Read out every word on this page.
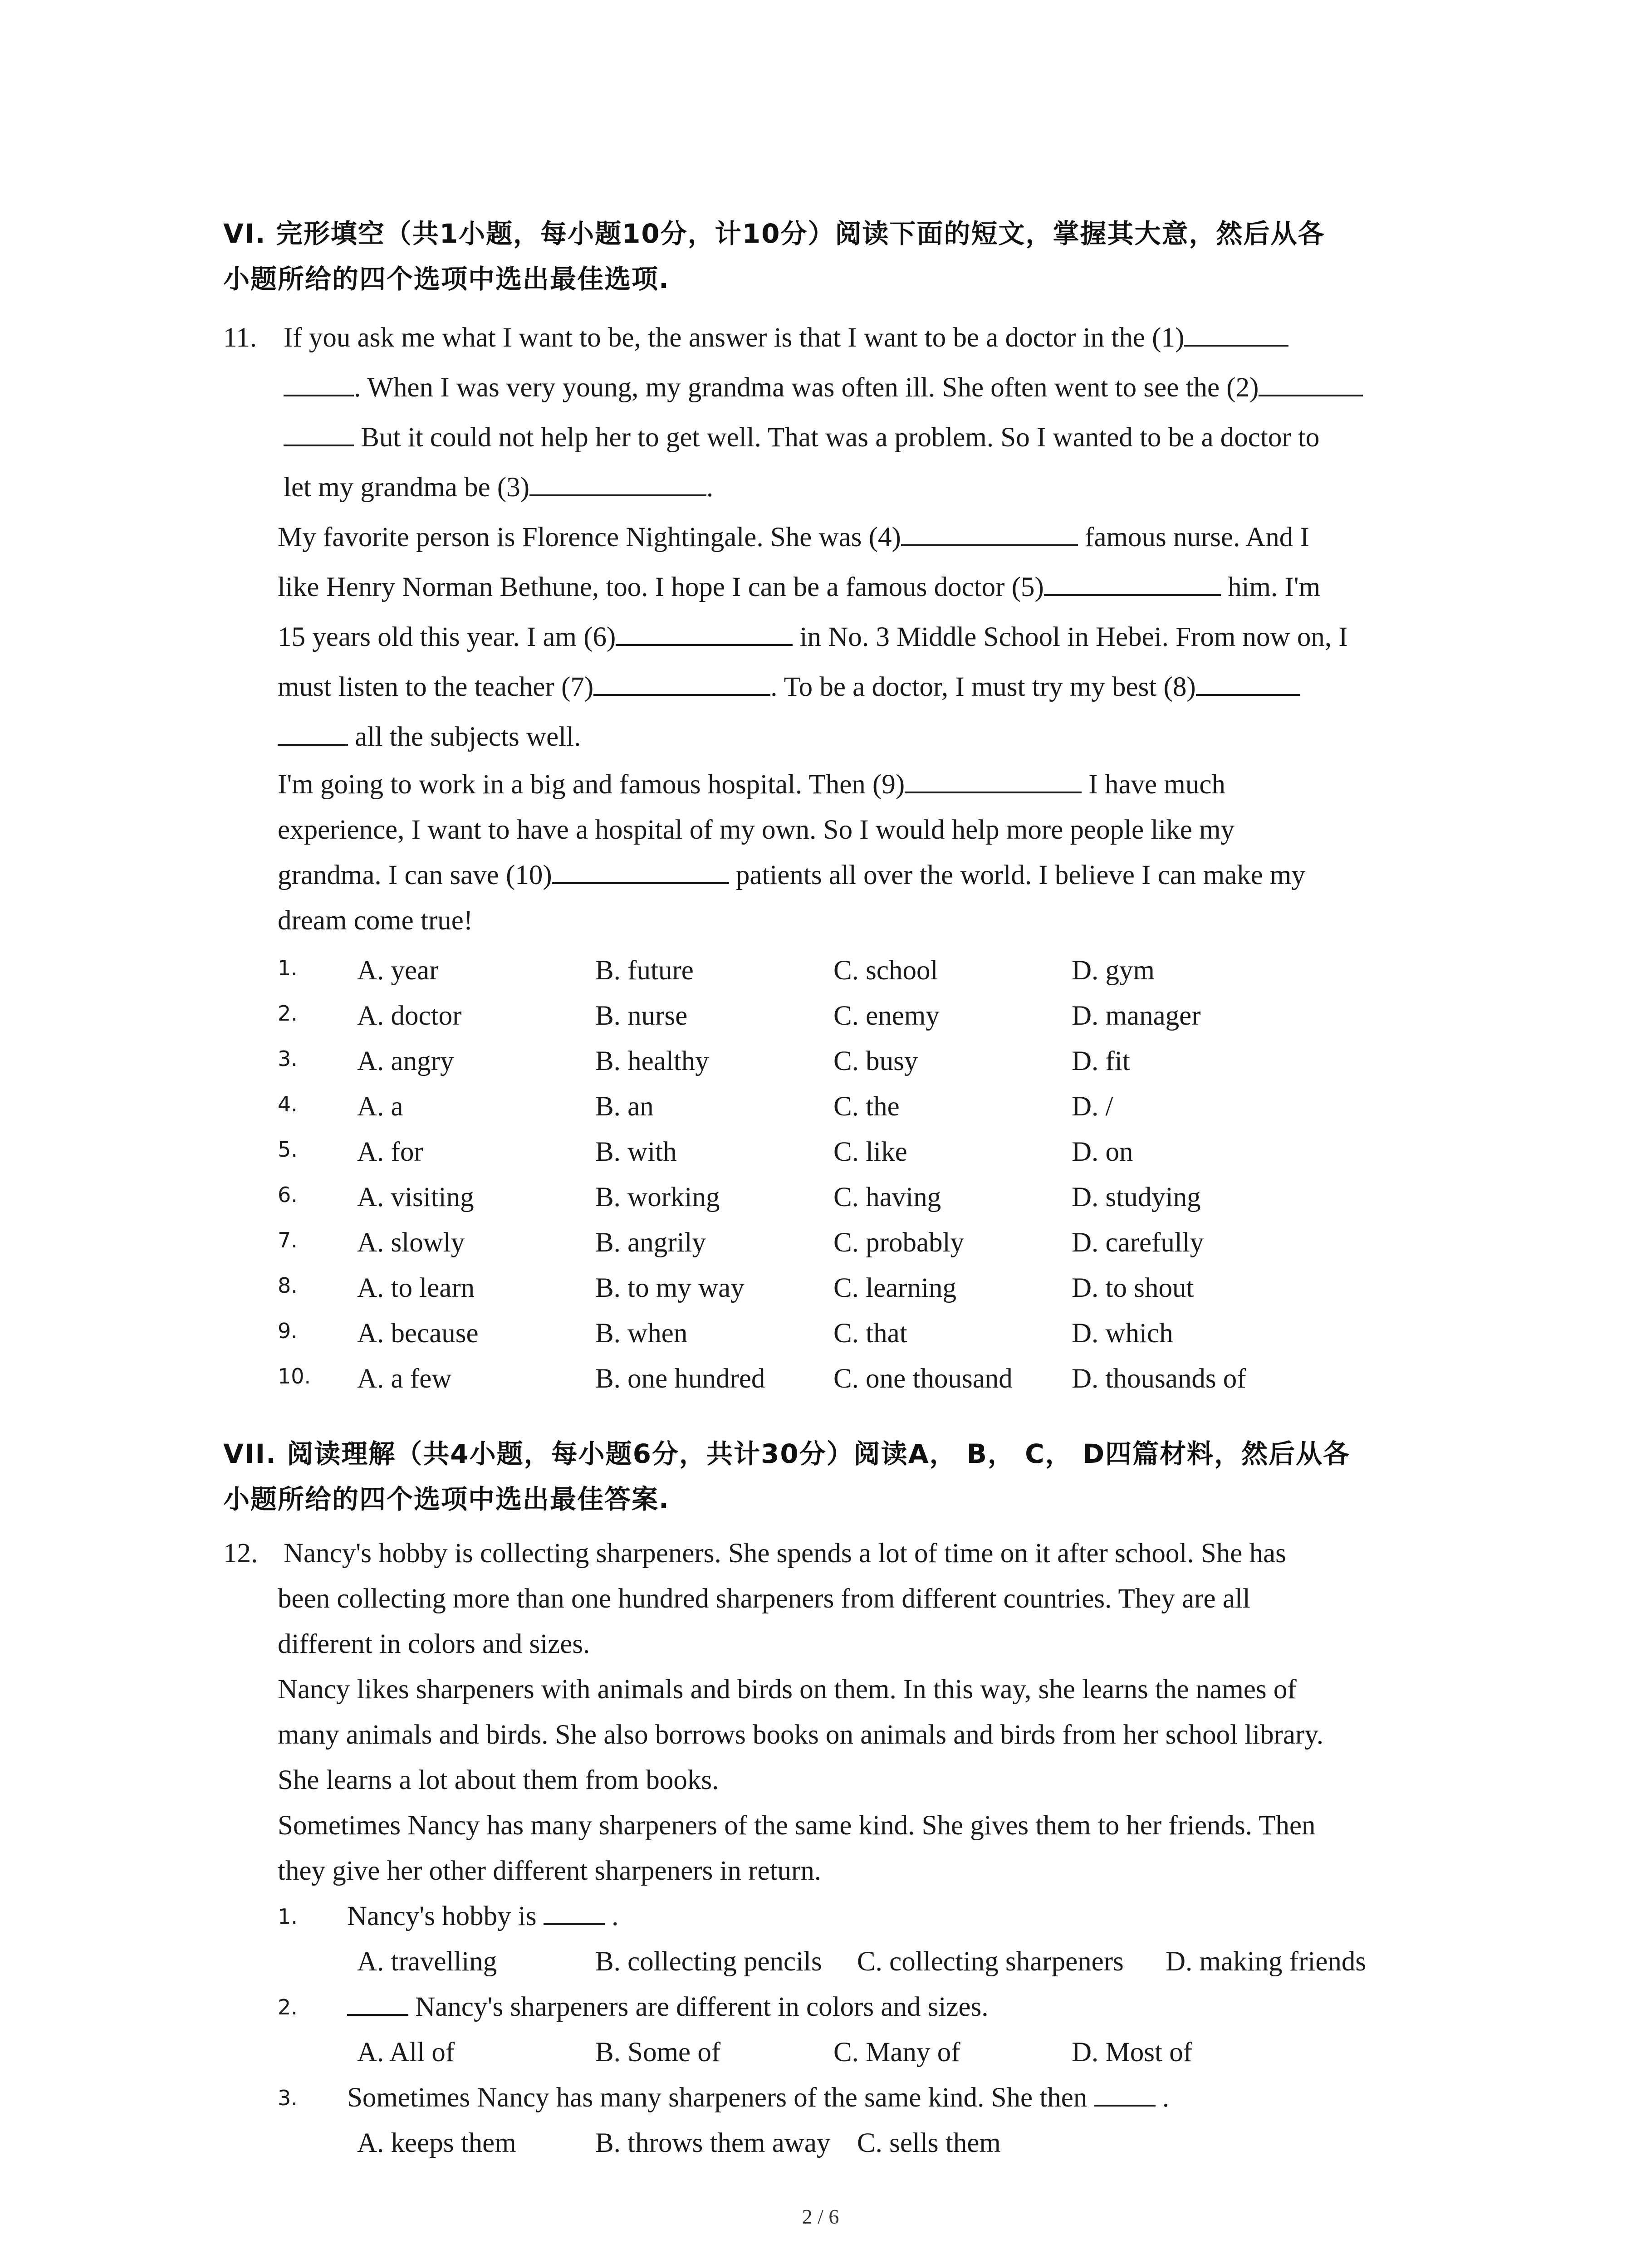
VI. 完形填空（共1小题，每小题10分，计10分）阅读下面的短文，掌握其大意，然后从各
小题所给的四个选项中选出最佳选项.
11. If you ask me what I want to be, the answer is that I want to be a doctor in the (1)
. When I was very young, my grandma was often ill. She often went to see the (2)
But it could not help her to get well. That was a problem. So I wanted to be a doctor to
let my grandma be (3)	.
My favorite person is Florence Nightingale. She was (4)	famous nurse. And I
like Henry Norman Bethune, too. I hope I can be a famous doctor (5)	him. I'm
15 years old this year. I am (6)	in No. 3 Middle School in Hebei. From now on, I
must listen to the teacher (7)	. To be a doctor, I must try my best (8)
all the subjects well.
I'm going to work in a big and famous hospital. Then (9)	I have much
experience, I want to have a hospital of my own. So I would help more people like my
grandma. I can save (10)	patients all over the world. I believe I can make my
dream come true!
1. A. year	B. future	C. school	D. gym
2. A. doctor	B. nurse	C. enemy	D. manager
3. A. angry	B. healthy	C. busy	D. fit
4. A. a	B. an	C. the	D. /
5. A. for	B. with	C. like	D. on
6. A. visiting	B. working	C. having	D. studying
7. A. slowly	B. angrily	C. probably	D. carefully
8. A. to learn	B. to my way	C. learning	D. to shout
9. A. because	B. when	C. that	D. which
10. A. a few	B. one hundred C. one thousand D. thousands of
VII. 阅读理解（共4小题，每小题6分，共计30分）阅读A， B， C， D四篇材料，然后从各
小题所给的四个选项中选出最佳答案.
12. Nancy's hobby is collecting sharpeners. She spends a lot of time on it after school. She has
been collecting more than one hundred sharpeners from different countries. They are all
different in colors and sizes.
Nancy likes sharpeners with animals and birds on them. In this way, she learns the names of
many animals and birds. She also borrows books on animals and birds from her school library.
She learns a lot about them from books.
Sometimes Nancy has many sharpeners of the same kind. She gives them to her friends. Then
they give her other different sharpeners in return.
1. Nancy's hobby is  .
A. travelling	B. collecting pencils C. collecting sharpeners D. making friends
2.	Nancy's sharpeners are different in colors and sizes.
A. All of	B. Some of	C. Many of	D. Most of
3. Sometimes Nancy has many sharpeners of the same kind. She then  .
A. keeps them	B. throws them away C. sells them
2 / 6
